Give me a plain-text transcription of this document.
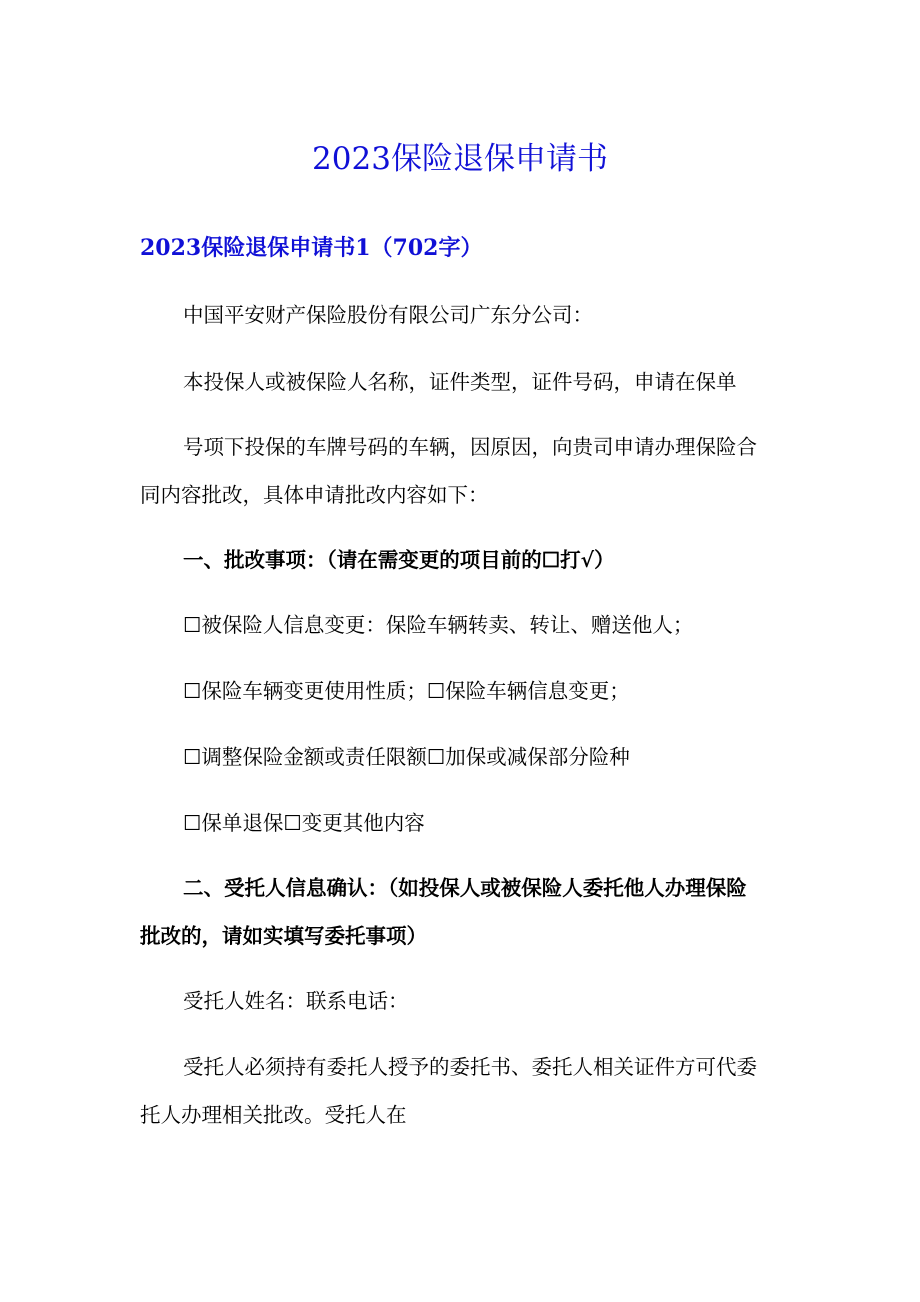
2023保险退保申请书
2023保险退保申请书1（702字）
中国平安财产保险股份有限公司广东分公司：
本投保人或被保险人名称，证件类型，证件号码，申请在保单
号项下投保的车牌号码的车辆，因原因，向贵司申请办理保险合
同内容批改，具体申请批改内容如下：
一、批改事项：（请在需变更的项目前的☐打√）
☐被保险人信息变更：保险车辆转卖、转让、赠送他人；
☐保险车辆变更使用性质；☐保险车辆信息变更；
☐调整保险金额或责任限额☐加保或减保部分险种
☐保单退保☐变更其他内容
二、受托人信息确认：（如投保人或被保险人委托他人办理保险
批改的，请如实填写委托事项）
受托人姓名：联系电话：
受托人必须持有委托人授予的委托书、委托人相关证件方可代委
托人办理相关批改。受托人在
